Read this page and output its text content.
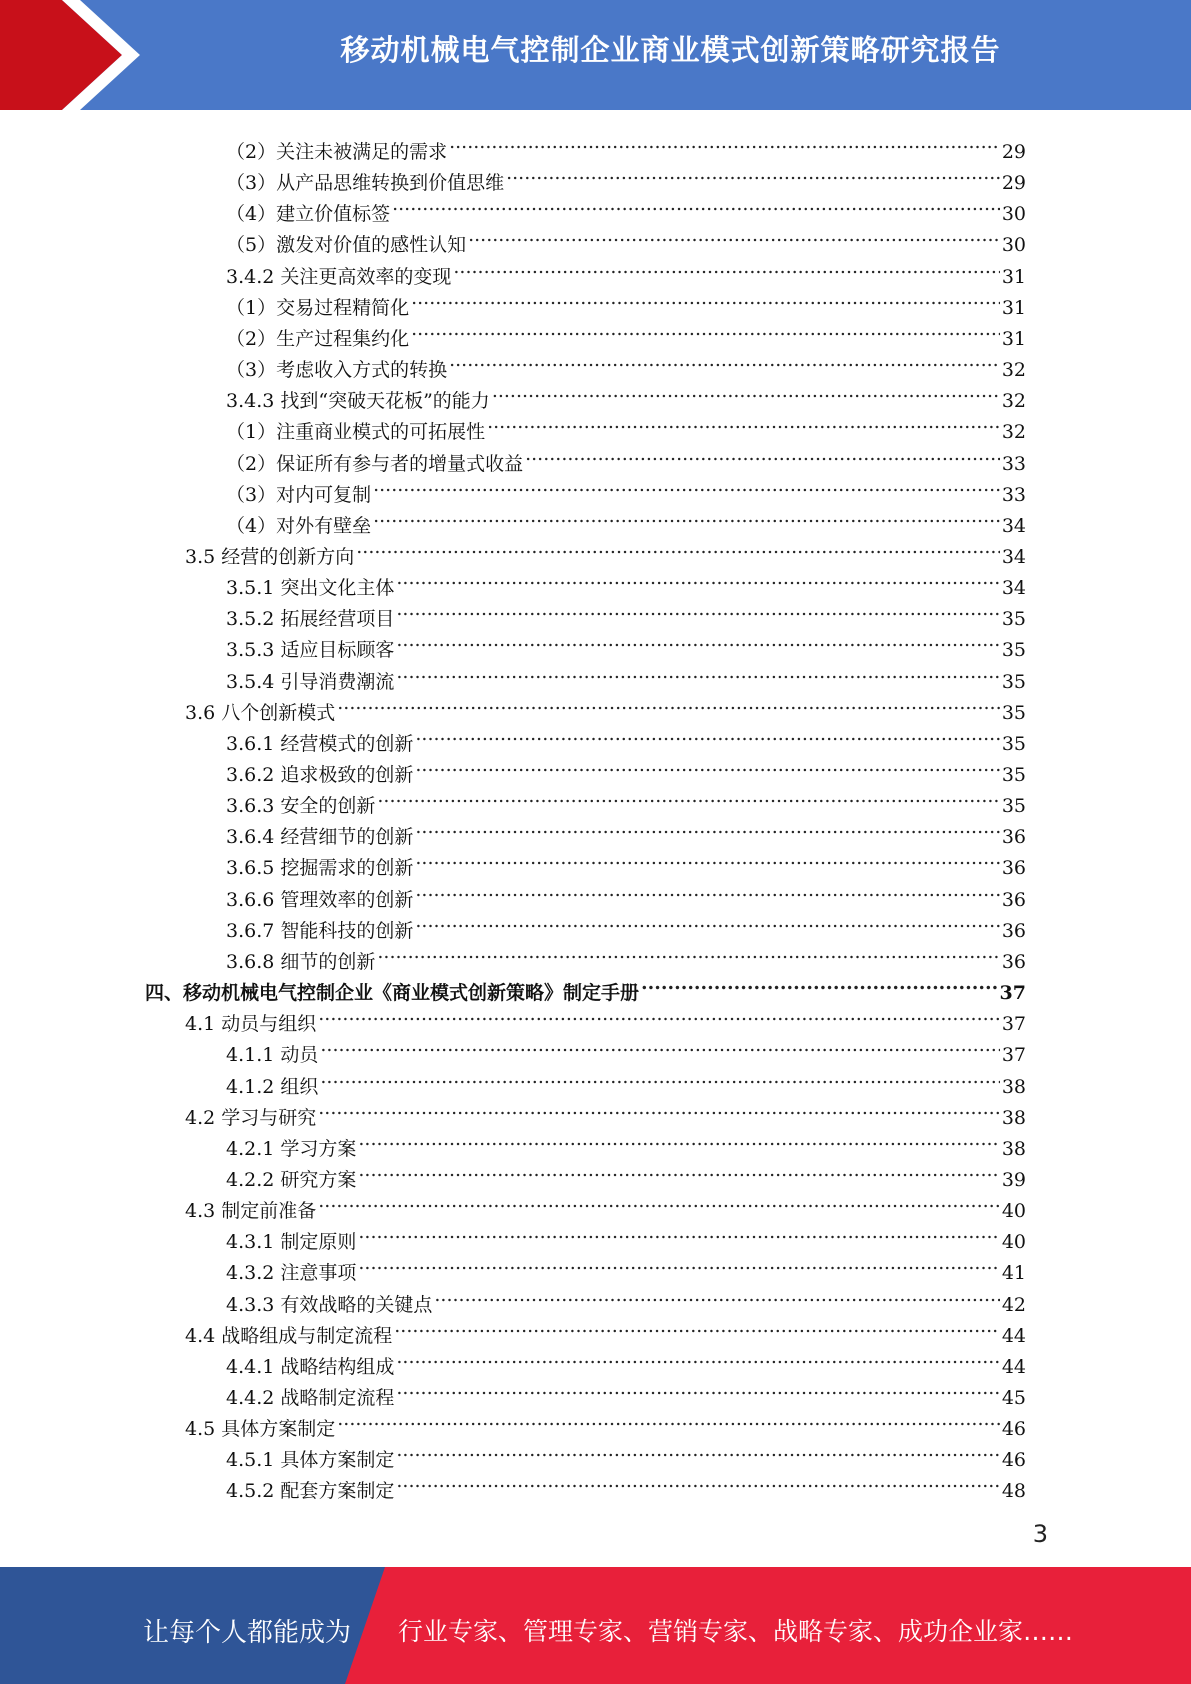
移动机械电气控制企业商业模式创新策略研究报告
（2）关注未被满足的需求 .....	29
（3）从产品思维转换到价值思维 .....	29
（4）建立价值标签 .....	30
（5）激发对价值的感性认知 .....	30
3.4.2 关注更高效率的变现 .....	31
（1）交易过程精简化 .....	31
（2）生产过程集约化 .....	31
（3）考虑收入方式的转换 .....	32
3.4.3 找到“突破天花板”的能力 .....	32
（1）注重商业模式的可拓展性 .....	32
（2）保证所有参与者的增量式收益 .....	33
（3）对内可复制 .....	33
（4）对外有壁垒 .....	34
3.5 经营的创新方向 .....	34
3.5.1 突出文化主体 .....	34
3.5.2 拓展经营项目 .....	35
3.5.3 适应目标顾客 .....	35
3.5.4 引导消费潮流 .....	35
3.6 八个创新模式 .....	35
3.6.1 经营模式的创新 .....	35
3.6.2 追求极致的创新 .....	35
3.6.3 安全的创新 .....	35
3.6.4 经营细节的创新 .....	36
3.6.5 挖掘需求的创新 .....	36
3.6.6 管理效率的创新 .....	36
3.6.7 智能科技的创新 .....	36
3.6.8 细节的创新 .....	36
四、移动机械电气控制企业《商业模式创新策略》制定手册 .....	37
4.1 动员与组织 .....	37
4.1.1 动员 .....	37
4.1.2 组织 .....	38
4.2 学习与研究 .....	38
4.2.1 学习方案 .....	38
4.2.2 研究方案 .....	39
4.3 制定前准备 .....	40
4.3.1 制定原则 .....	40
4.3.2 注意事项 .....	41
4.3.3 有效战略的关键点 .....	42
4.4 战略组成与制定流程 .....	44
4.4.1 战略结构组成 .....	44
4.4.2 战略制定流程 .....	45
4.5 具体方案制定 .....	46
4.5.1 具体方案制定 .....	46
4.5.2 配套方案制定 .....	48
3
让每个人都能成为 行业专家、管理专家、营销专家、战略专家、成功企业家……
